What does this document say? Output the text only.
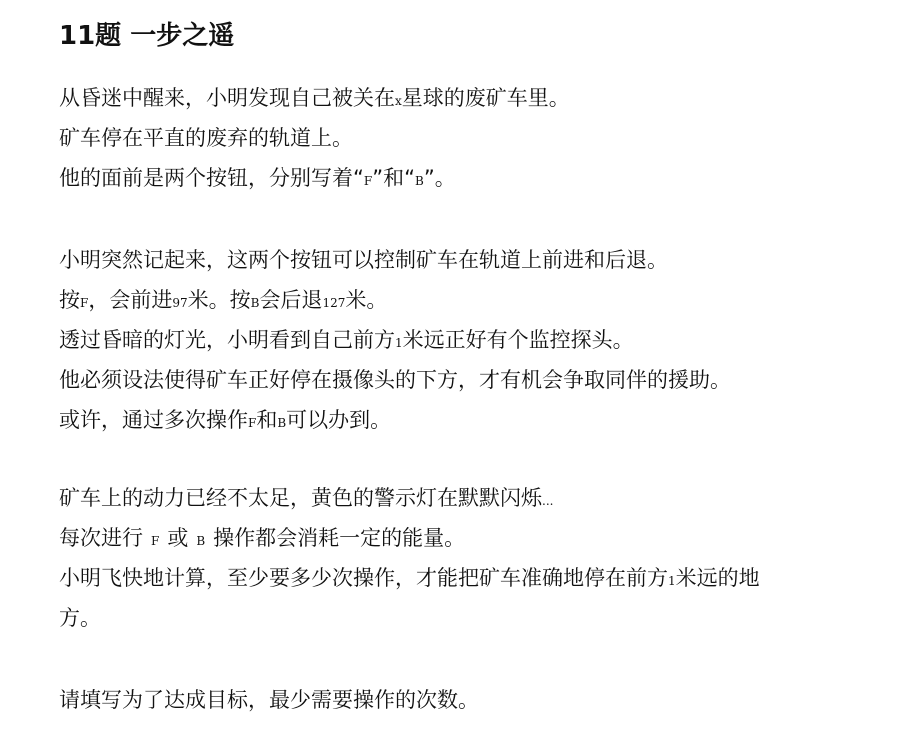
11题 一步之遥
从昏迷中醒来，小明发现自己被关在x星球的废矿车里。
矿车停在平直的废弃的轨道上。
他的面前是两个按钮，分别写着“F”和“B”。
小明突然记起来，这两个按钮可以控制矿车在轨道上前进和后退。
按F，会前进97米。按B会后退127米。
透过昏暗的灯光，小明看到自己前方1米远正好有个监控探头。
他必须设法使得矿车正好停在摄像头的下方，才有机会争取同伴的援助。
或许，通过多次操作F和B可以办到。
矿车上的动力已经不太足，黄色的警示灯在默默闪烁...
每次进行 F 或 B 操作都会消耗一定的能量。
小明飞快地计算，至少要多少次操作，才能把矿车准确地停在前方1米远的地
方。
请填写为了达成目标，最少需要操作的次数。
